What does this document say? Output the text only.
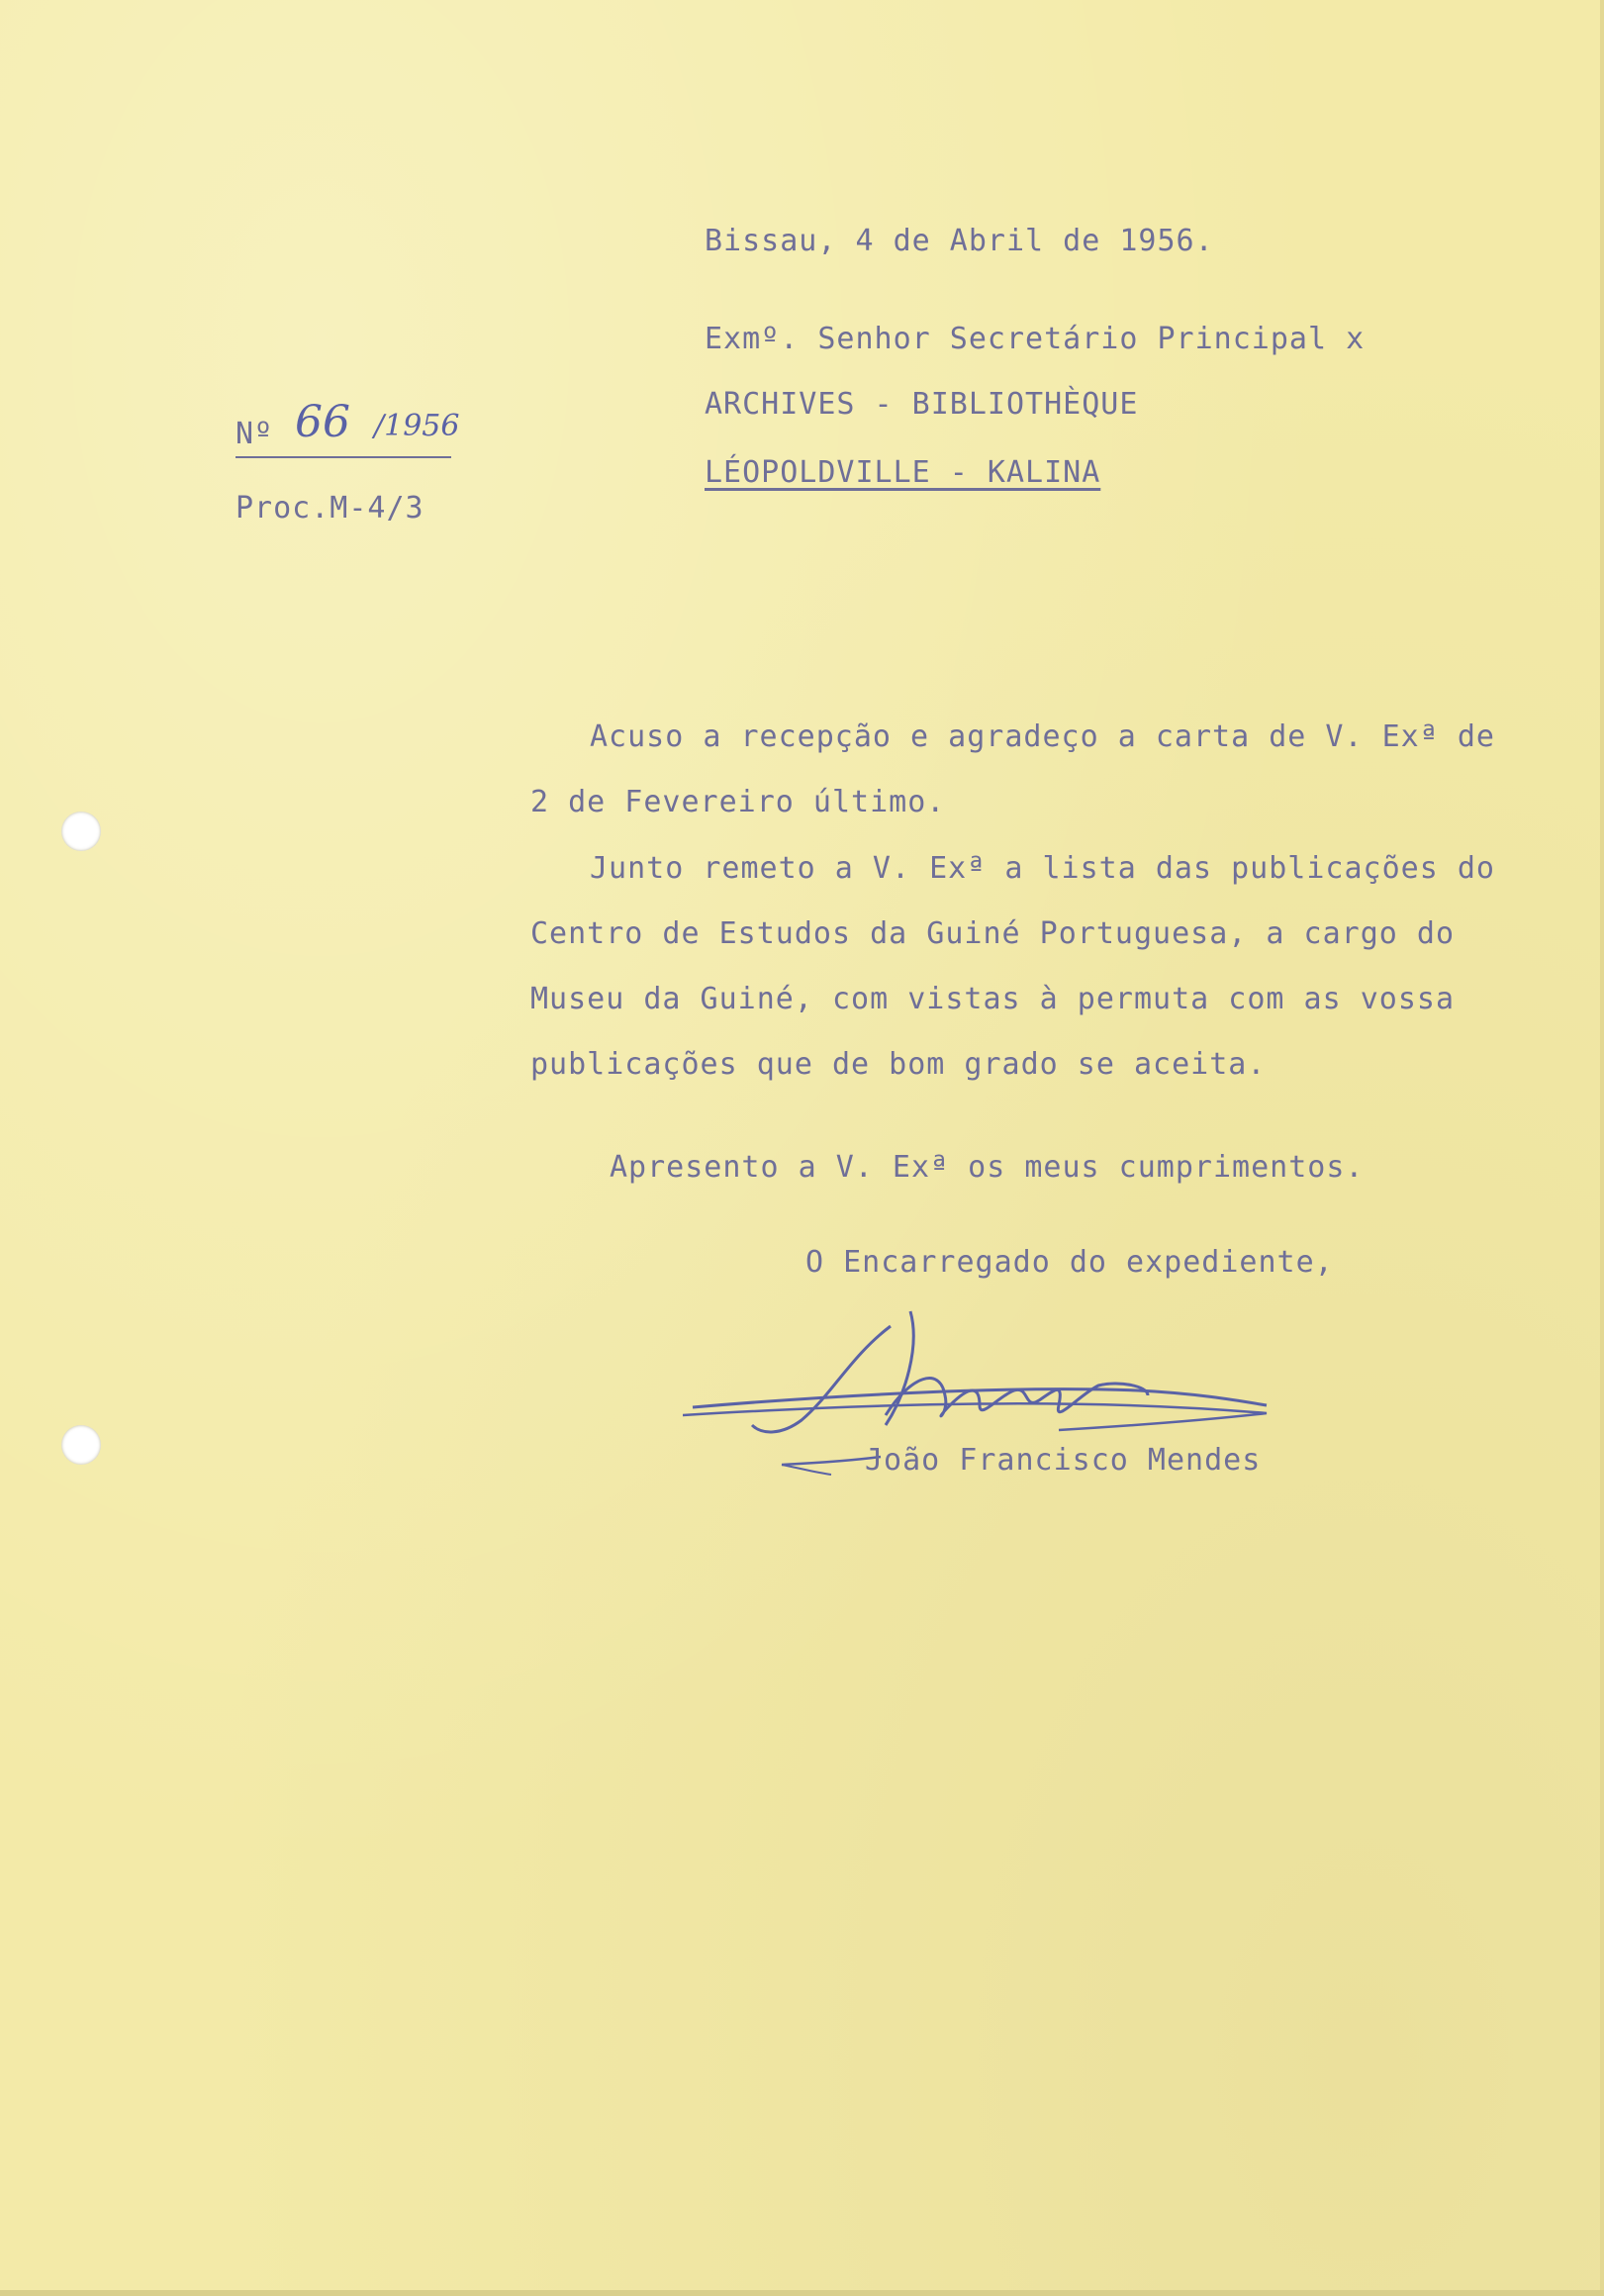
Bissau, 4 de Abril de 1956.
Exmº. Senhor Secretário Principal x
ARCHIVES - BIBLIOTHÈQUE
LÉOPOLDVILLE - KALINA
Nº 66 /1956
Proc.M-4/3
Acuso a recepção e agradeço a carta de V. Exª de
2 de Fevereiro último.
Junto remeto a V. Exª a lista das publicações do
Centro de Estudos da Guiné Portuguesa, a cargo do
Museu da Guiné, com vistas à permuta com as vossa
publicações que de bom grado se aceita.
Apresento a V. Exª os meus cumprimentos.
O Encarregado do expediente,
João Francisco Mendes
